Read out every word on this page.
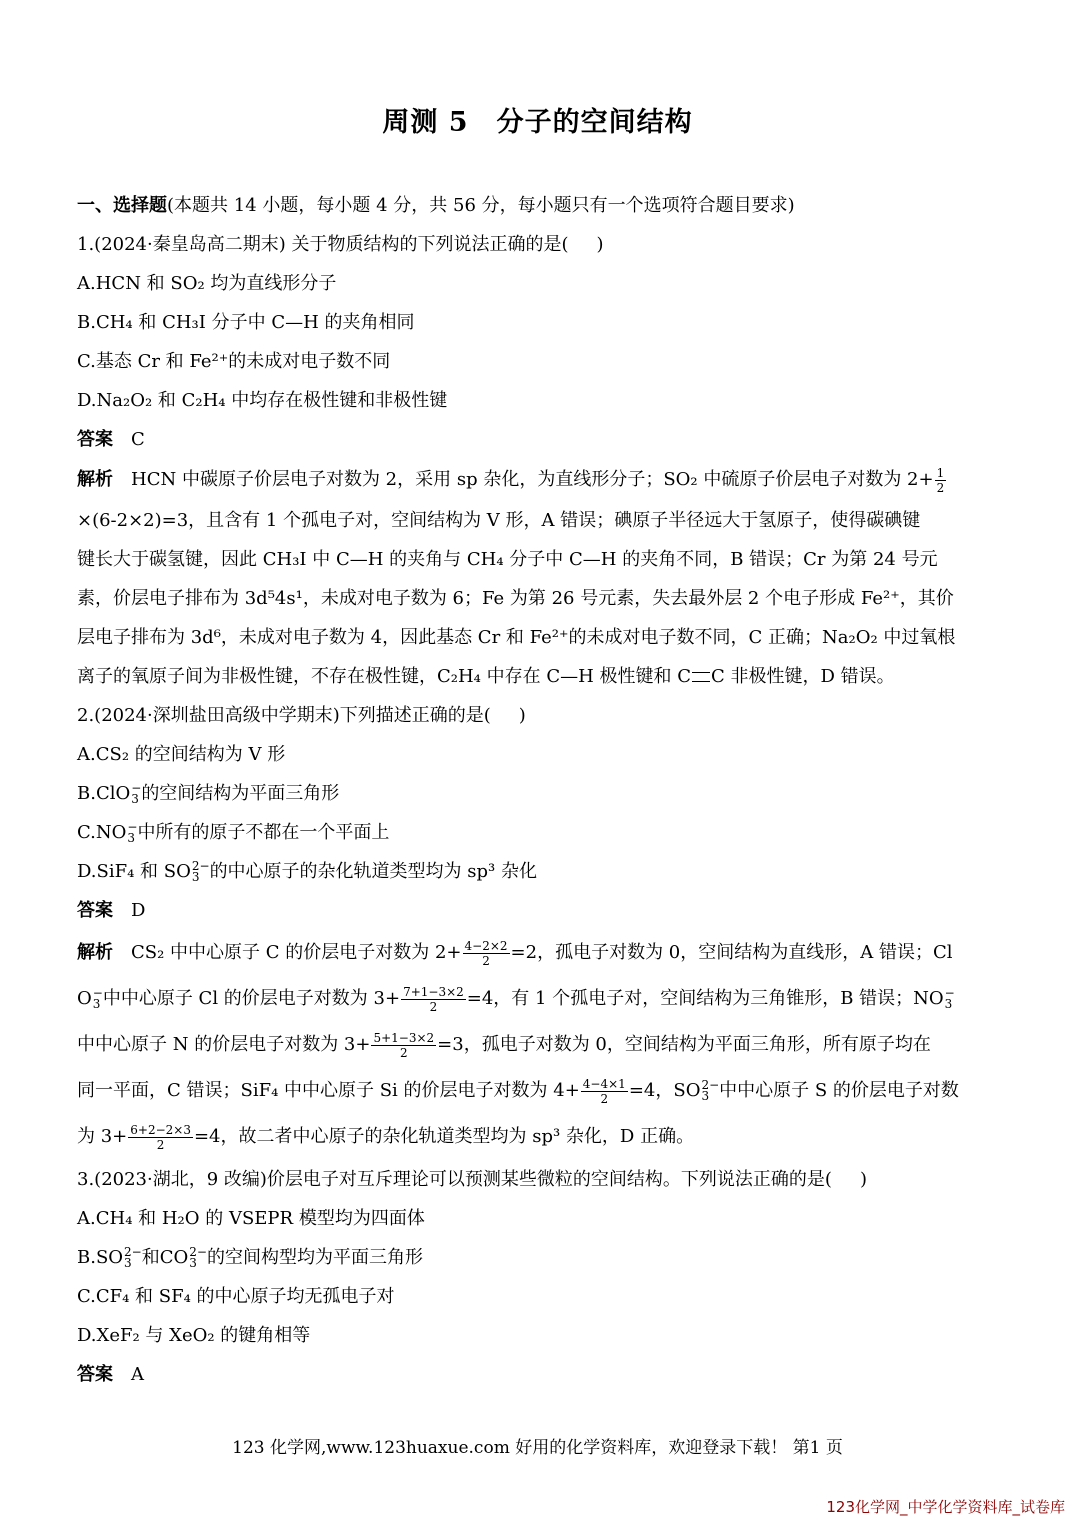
周测 5　分子的空间结构
一、选择题(本题共 14 小题，每小题 4 分，共 56 分，每小题只有一个选项符合题目要求)
1.(2024·秦皇岛高二期末) 关于物质结构的下列说法正确的是( )
A.HCN 和 SO₂ 均为直线形分子
B.CH₄ 和 CH₃I 分子中 C—H 的夹角相同
C.基态 Cr 和 Fe²⁺的未成对电子数不同
D.Na₂O₂ 和 C₂H₄ 中均存在极性键和非极性键
答案 C
解析 HCN 中碳原子价层电子对数为 2，采用 sp 杂化，为直线形分子；SO₂ 中硫原子价层电子对数为 $2+ \frac{1}{2}$
×(6-2×2)=3，且含有 1 个孤电子对，空间结构为 V 形，A 错误；碘原子半径远大于氢原子，使得碳碘键
键长大于碳氢键，因此 CH₃I 中 C—H 的夹角与 CH₄ 分子中 C—H 的夹角不同，B 错误；Cr 为第 24 号元
素，价层电子排布为 3d⁵4s¹，未成对电子数为 6；Fe 为第 26 号元素，失去最外层 2 个电子形成 Fe²⁺，其价
层电子排布为 3d⁶，未成对电子数为 4，因此基态 Cr 和 Fe²⁺的未成对电子数不同，C 正确；Na₂O₂ 中过氧根
离子的氧原子间为非极性键，不存在极性键，C₂H₄ 中存在 C—H 极性键和 C C 非极性键，D 错误。
2.(2024·深圳盐田高级中学期末)下列描述正确的是( )
A.CS₂ 的空间结构为 V 形
B.ClO −
3 的空间结构为平面三角形
C.NO −
3 中所有的原子不都在一个平面上
D.SiF₄ 和 SO 2−
3 的中心原子的杂化轨道类型均为 sp³ 杂化
答案 D
解析 CS₂ 中中心原子 C 的价层电子对数为 $2+ \frac{4-2\times 2}{2} =2$，孤电子对数为 0，空间结构为直线形，A 错误；Cl
O −
3 中中心原子 Cl 的价层电子对数为 $3+ \frac{7+1-3\times 2}{2} =4$，有 1 个孤电子对，空间结构为三角锥形，B 错误；NO −
3
中中心原子 N 的价层电子对数为 $3+ \frac{5+1-3\times 2}{2} =3$，孤电子对数为 0，空间结构为平面三角形，所有原子均在
同一平面，C 错误；SiF₄ 中中心原子 Si 的价层电子对数为 $4+ \frac{4-4\times 1}{2} =4$，SO 2−
3 中中心原子 S 的价层电子对数
为 $3+ \frac{6+2-2\times 3}{2} =4$，故二者中心原子的杂化轨道类型均为 sp³ 杂化，D 正确。
3.(2023·湖北，9 改编)价层电子对互斥理论可以预测某些微粒的空间结构。下列说法正确的是( )
A.CH₄ 和 H₂O 的 VSEPR 模型均为四面体
B.SO 2−
3 和CO 2−
3 的空间构型均为平面三角形
C.CF₄ 和 SF₄ 的中心原子均无孤电子对
D.XeF₂ 与 XeO₂ 的键角相等
答案 A
123 化学网,www.123huaxue.com 好用的化学资料库，欢迎登录下载！ 第1 页
123化学网_中学化学资料库_试卷库
